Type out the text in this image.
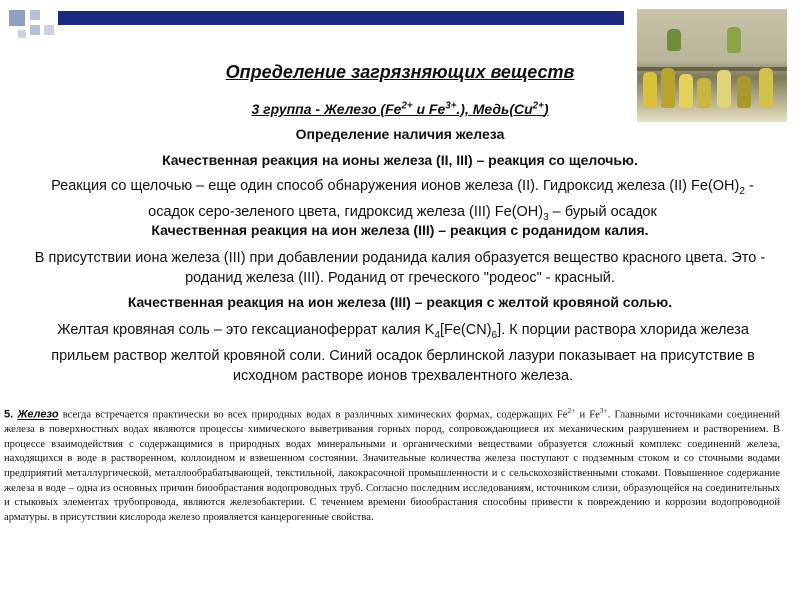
Определение загрязняющих веществ
3 группа - Железо ($Fe^{2+}$ и $Fe^{3+}$.), $Медь(Cu^{2+})$
Определение наличия железа
Качественная реакция на ионы железа (II, III) – реакция со щелочью.
Реакция со щелочью – еще один способ обнаружения ионов железа (II). Гидроксид железа (II) $Fe(OH)_2$ - осадок серо-зеленого цвета, гидроксид железа (III) $Fe(OH)_3$ – бурый осадок
Качественная реакция на ион железа (III) – реакция с роданидом калия.
В присутствии иона железа (III) при добавлении роданида калия образуется вещество красного цвета. Это ‑ роданид железа (III). Роданид от греческого "родеос" - красный.
Качественная реакция на ион железа (III) – реакция с желтой кровяной солью.
Желтая кровяная соль – это гексацианоферрат калия $K_4[Fe(CN)_6]$. К порции раствора хлорида железа прильем раствор желтой кровяной соли. Синий осадок берлинской лазури показывает на присутствие в исходном растворе ионов трехвалентного железа.
5. Железо всегда встречается практически во всех природных водах в различных химических формах, содержащих $Fe^{2+}$ и $Fe^{3+}$. Главными источниками соединений железа в поверхностных водах являются процессы химического выветривания горных пород, сопровождающиеся их механическим разрушением и растворением. В процессе взаимодействия с содержащимися в природных водах минеральными и органическими веществами образуется сложный комплекс соединений железа, находящихся в воде в растворенном, коллоидном и взвешенном состоянии. Значительные количества железа поступают с подземным стоком и со сточными водами предприятий металлургической, металлообрабатывающей, текстильной, лакокрасочной промышленности и с сельскохозяйственными стоками. Повышенное содержание железа в воде – одна из основных причин биообрастания водопроводных труб. Согласно последним исследованиям, источником слизи, образующейся на соединительных и стыковых элементах трубопровода, являются железобактерии. С течением времени биообрастания способны привести к повреждению и коррозии водопроводной арматуры. в присутствии кислорода железо проявляется канцерогенные свойства.
